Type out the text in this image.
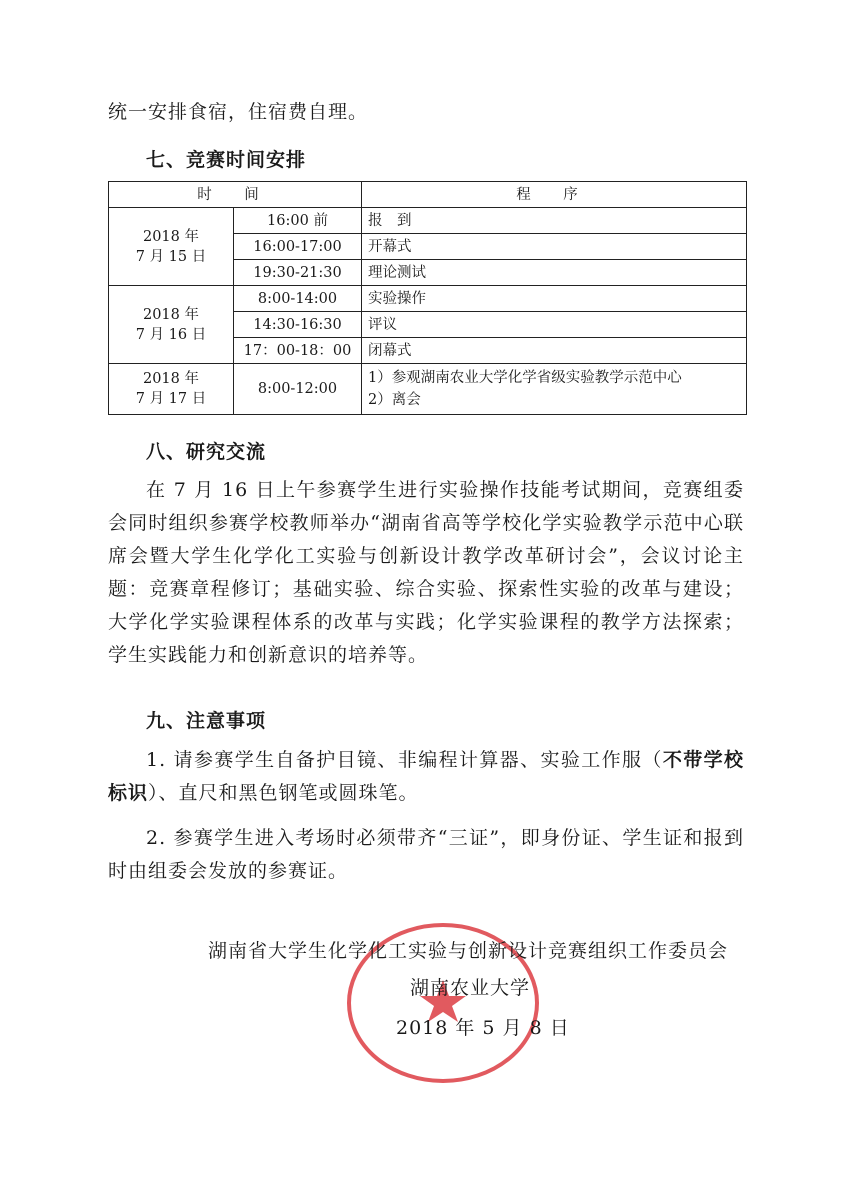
统一安排食宿，住宿费自理。

七、竞赛时间安排
时 间		程 序

2018 年
7 月 15 日	16:00 前	报　到
	16:00-17:00	开幕式
	19:30-21:30	理论测试

2018 年
7 月 16 日	8:00-14:00	实验操作
	14:30-16:30	评议
	17：00-18：00	闭幕式

2018 年
7 月 17 日	8:00-12:00	1）参观湖南农业大学化学省级实验教学示范中心
2）离会
八、研究交流

在 7 月 16 日上午参赛学生进行实验操作技能考试期间，竞赛组委会同时组织参赛学校教师举办“湖南省高等学校化学实验教学示范中心联席会暨大学生化学化工实验与创新设计教学改革研讨会”，会议讨论主题：竞赛章程修订；基础实验、综合实验、探索性实验的改革与建设；大学化学实验课程体系的改革与实践；化学实验课程的教学方法探索；学生实践能力和创新意识的培养等。

九、注意事项

1. 请参赛学生自备护目镜、非编程计算器、实验工作服（不带学校标识）、直尺和黑色钢笔或圆珠笔。

2. 参赛学生进入考场时必须带齐“三证”，即身份证、学生证和报到时由组委会发放的参赛证。

湖南省大学生化学化工实验与创新设计竞赛组织工作委员会

湖南农业大学

2018 年 5 月 8 日
